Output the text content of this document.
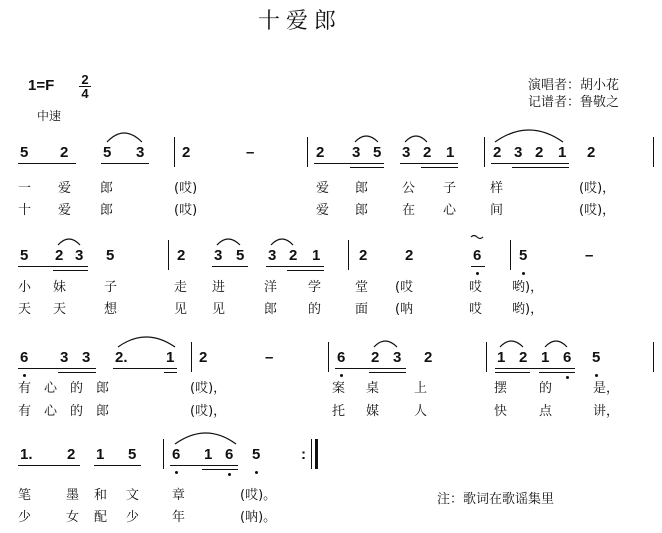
十爱郎
1=F 2
4
中速
演唱者：胡小花
记谱者：鲁敬之
5 2 5 3	2	–	2 3 5 3 2 1	2 3 2 1 2
一 爱 郎	(哎)	爱 郎	公 子	样	(哎)，
十 爱 郎	(哎)	爱 郎	在 心	间	(哎)，
5 2 3 5	2 3 5 3 2 1	2	2	6	5	–
小 妹	子	走 进	洋 学	堂 (哎	哎 哟)，
天 天	想	见 见	郎 的	面 (呐	哎 哟)，
6 3 3 2.	1 2	–	6 2 3 2	1 2 1 6 5
有 心 的 郎	(哎)，	案 桌	上	摆 的	是，
有 心 的 郎	(哎)，	托 媒	人	快 点	讲，
1. 2 1 5 6 1 6 5	:
笔	墨 和 文	章	(哎)。
少	女 配 少	年	(呐)。
注：歌词在歌谣集里
